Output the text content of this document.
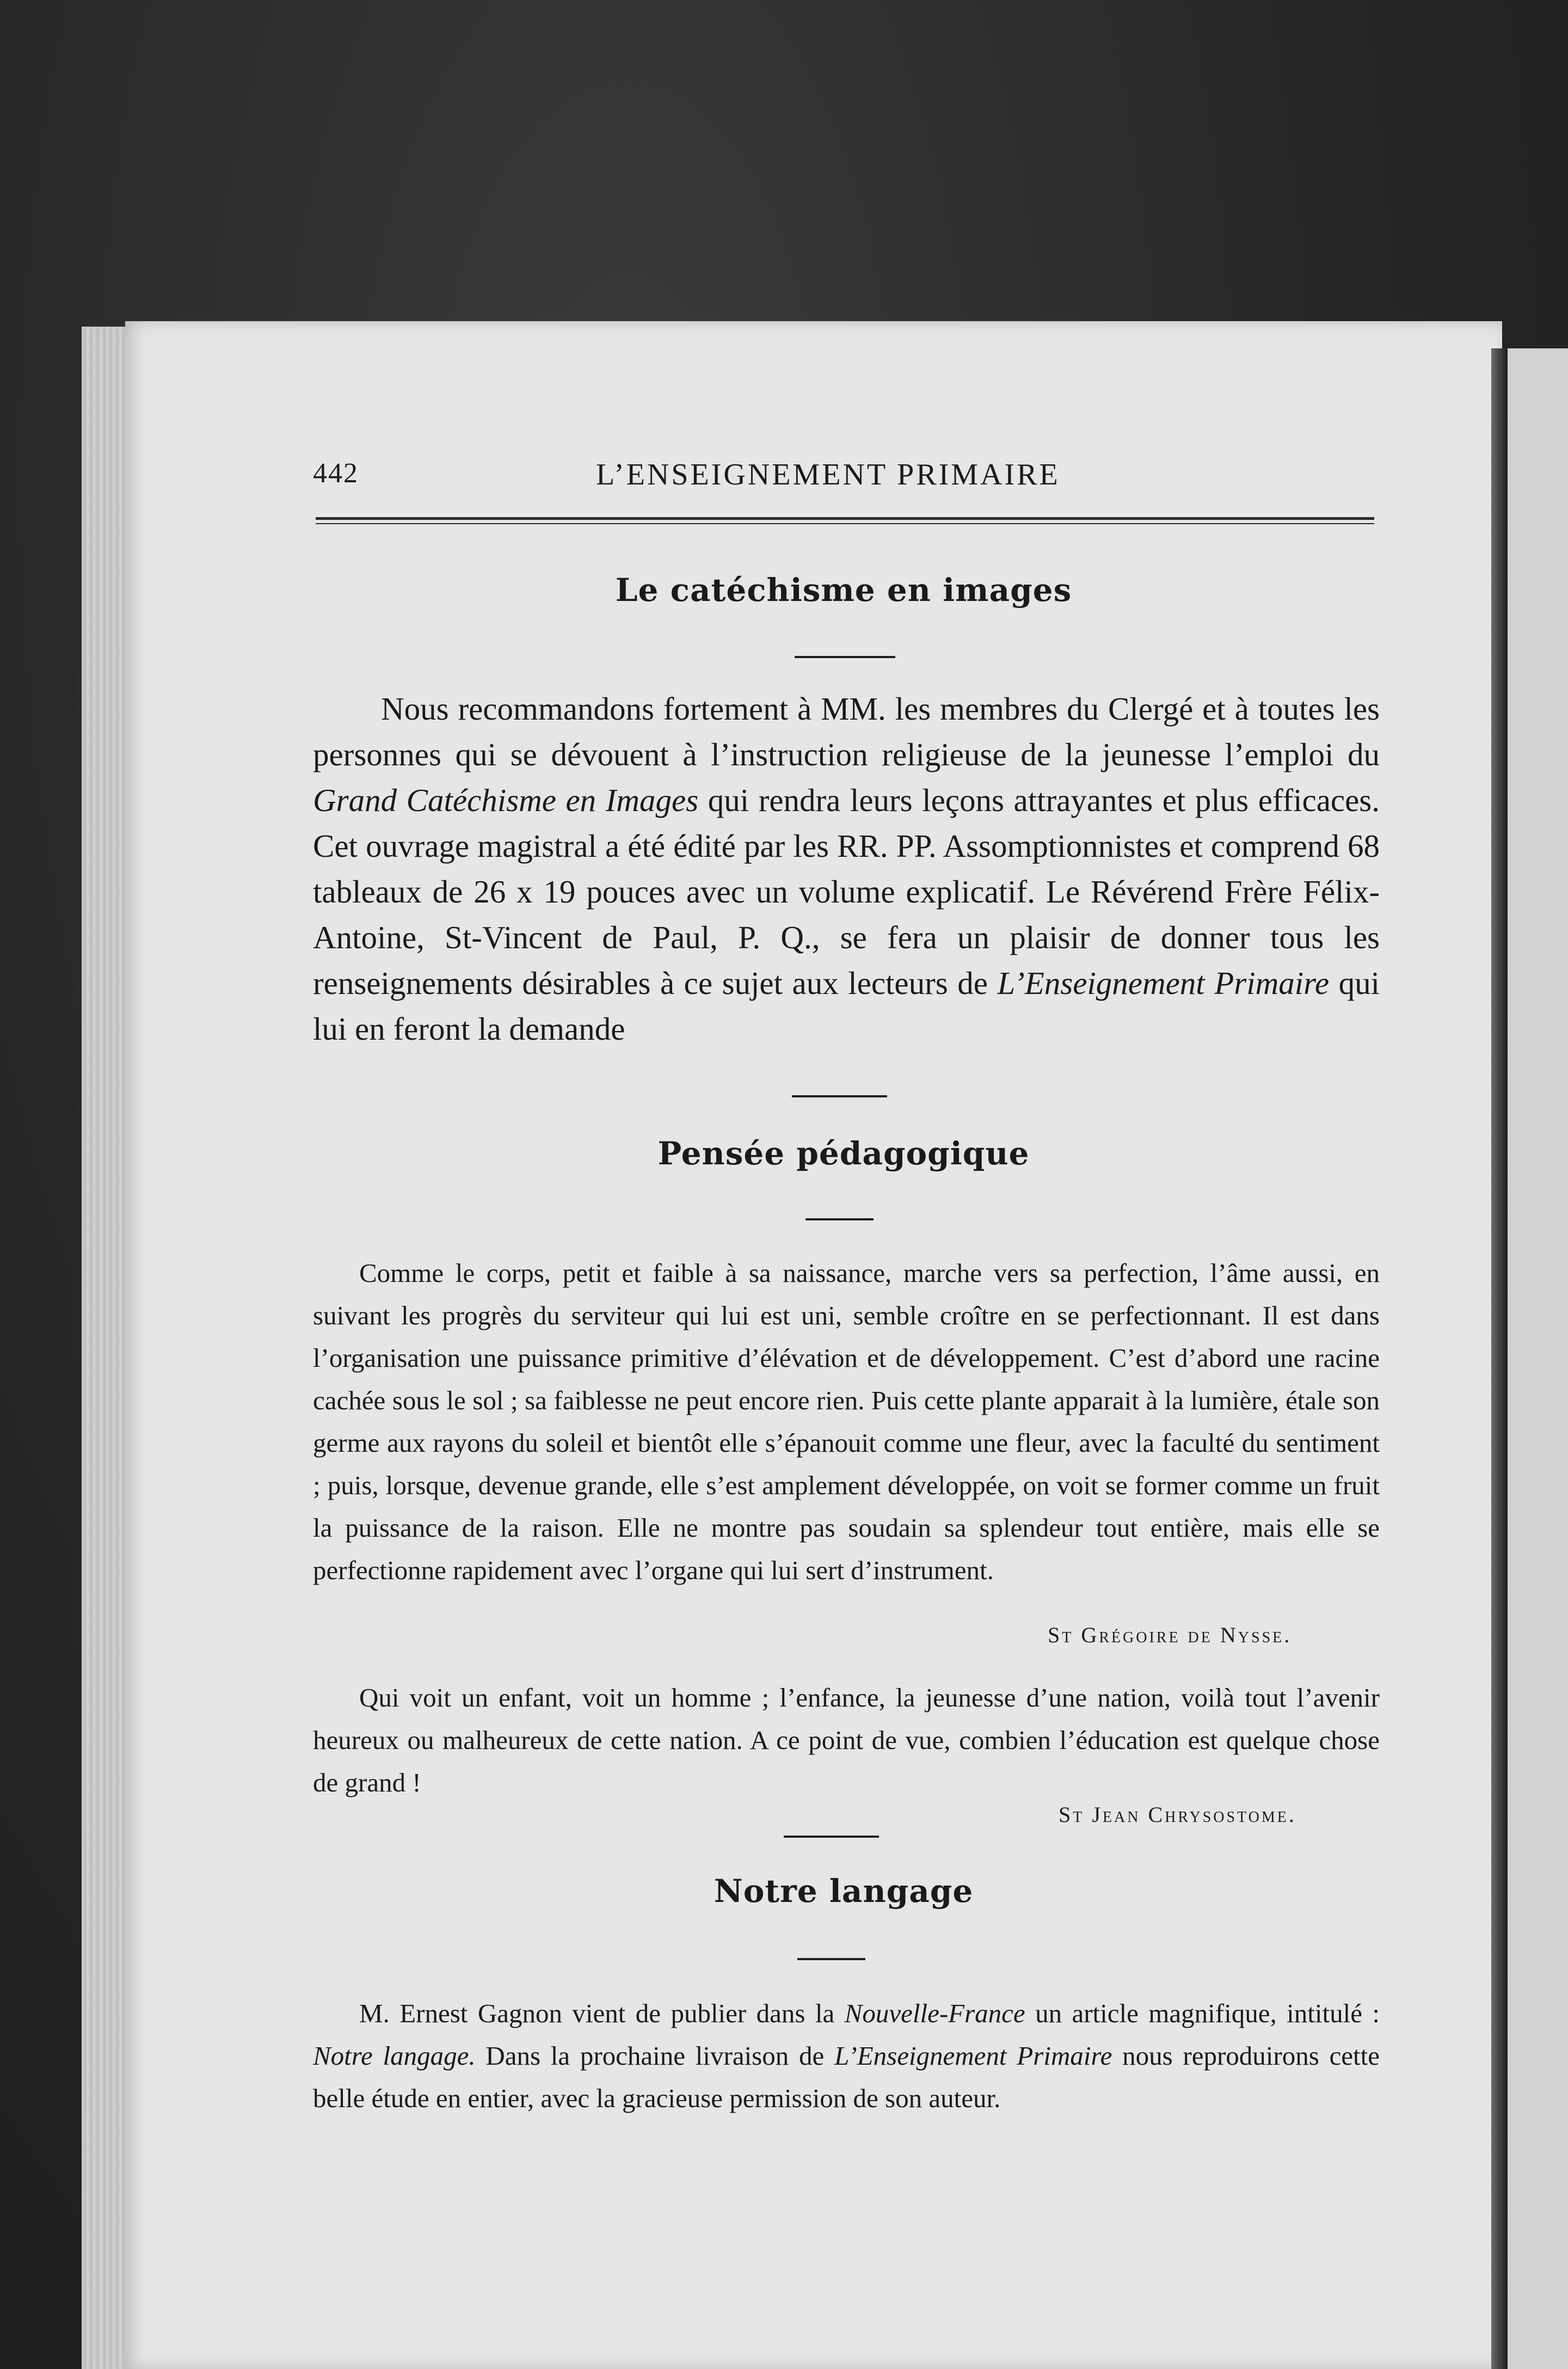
442	L’ENSEIGNEMENT PRIMAIRE
Le catéchisme en images

Nous recommandons fortement à MM. les membres du Clergé et à toutes les personnes qui se dévouent à l’instruction religieuse de la jeunesse l’emploi du Grand Catéchisme en Images qui rendra leurs leçons attrayantes et plus efficaces. Cet ouvrage magistral a été édité par les RR. PP. Assomptionnistes et comprend 68 tableaux de 26 x 19 pouces avec un volume explicatif. Le Révérend Frère Félix-Antoine, St-Vincent de Paul, P. Q., se fera un plaisir de donner tous les renseignements désirables à ce sujet aux lecteurs de L’Enseignement Primaire qui lui en feront la demande

Pensée pédagogique

Comme le corps, petit et faible à sa naissance, marche vers sa perfection, l’âme aussi, en suivant les progrès du serviteur qui lui est uni, semble croître en se perfectionnant. Il est dans l’organisation une puissance primitive d’élévation et de développement. C’est d’abord une racine cachée sous le sol ; sa faiblesse ne peut encore rien. Puis cette plante apparait à la lumière, étale son germe aux rayons du soleil et bientôt elle s’épanouit comme une fleur, avec la faculté du sentiment ; puis, lorsque, devenue grande, elle s’est amplement développée, on voit se former comme un fruit la puissance de la raison. Elle ne montre pas soudain sa splendeur tout entière, mais elle se perfectionne rapidement avec l’organe qui lui sert d’instrument.

St Grégoire de Nysse.

Qui voit un enfant, voit un homme ; l’enfance, la jeunesse d’une nation, voilà tout l’avenir heureux ou malheureux de cette nation. A ce point de vue, combien l’éducation est quelque chose de grand !

St Jean Chrysostome.
Notre langage

M. Ernest Gagnon vient de publier dans la Nouvelle-France un article magnifique, intitulé : Notre langage. Dans la prochaine livraison de L’Enseignement Primaire nous reproduirons cette belle étude en entier, avec la gracieuse permission de son auteur.
